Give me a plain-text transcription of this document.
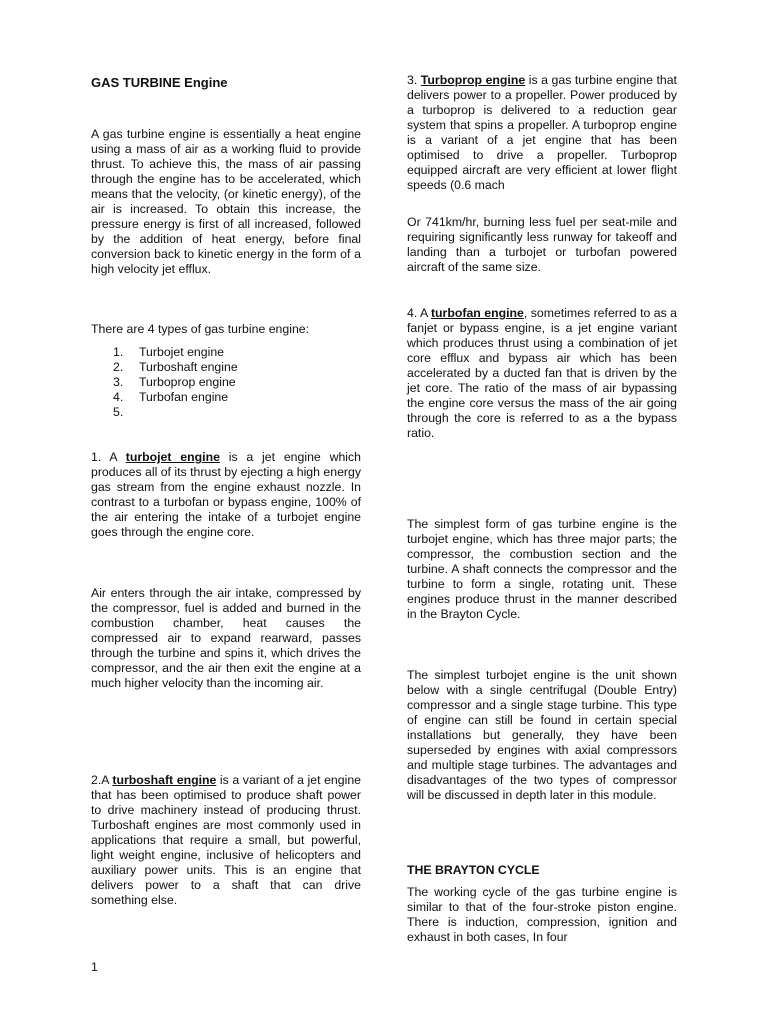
GAS TURBINE Engine

A gas turbine engine is essentially a heat engine using a mass of air as a working fluid to provide thrust. To achieve this, the mass of air passing through the engine has to be accelerated, which means that the velocity, (or kinetic energy), of the air is increased. To obtain this increase, the pressure energy is first of all increased, followed by the addition of heat energy, before final conversion back to kinetic energy in the form of a high velocity jet efflux.

There are 4 types of gas turbine engine:
1.	Turbojet engine
2.	Turboshaft engine
3.	Turboprop engine
4.	Turbofan engine
5.

1. A turbojet engine is a jet engine which produces all of its thrust by ejecting a high energy gas stream from the engine exhaust nozzle. In contrast to a turbofan or bypass engine, 100% of the air entering the intake of a turbojet engine goes through the engine core.

Air enters through the air intake, compressed by the compressor, fuel is added and burned in the combustion chamber, heat causes the compressed air to expand rearward, passes through the turbine and spins it, which drives the compressor, and the air then exit the engine at a much higher velocity than the incoming air.

2.A turboshaft engine is a variant of a jet engine that has been optimised to produce shaft power to drive machinery instead of producing thrust. Turboshaft engines are most commonly used in applications that require a small, but powerful, light weight engine, inclusive of helicopters and auxiliary power units. This is an engine that delivers power to a shaft that can drive something else.

1

3. Turboprop engine is a gas turbine engine that delivers power to a propeller. Power produced by a turboprop is delivered to a reduction gear system that spins a propeller. A turboprop engine is a variant of a jet engine that has been optimised to drive a propeller. Turboprop equipped aircraft are very efficient at lower flight speeds (0.6 mach

Or 741km/hr, burning less fuel per seat-mile and requiring significantly less runway for takeoff and landing than a turbojet or turbofan powered aircraft of the same size.

4. A turbofan engine, sometimes referred to as a fanjet or bypass engine, is a jet engine variant which produces thrust using a combination of jet core efflux and bypass air which has been accelerated by a ducted fan that is driven by the jet core. The ratio of the mass of air bypassing the engine core versus the mass of the air going through the core is referred to as a the bypass ratio.

The simplest form of gas turbine engine is the turbojet engine, which has three major parts; the compressor, the combustion section and the turbine. A shaft connects the compressor and the turbine to form a single, rotating unit. These engines produce thrust in the manner described in the Brayton Cycle.

The simplest turbojet engine is the unit shown below with a single centrifugal (Double Entry) compressor and a single stage turbine. This type of engine can still be found in certain special installations but generally, they have been superseded by engines with axial compressors and multiple stage turbines. The advantages and disadvantages of the two types of compressor will be discussed in depth later in this module.

THE BRAYTON CYCLE

The working cycle of the gas turbine engine is similar to that of the four-stroke piston engine. There is induction, compression, ignition and exhaust in both cases, In four
